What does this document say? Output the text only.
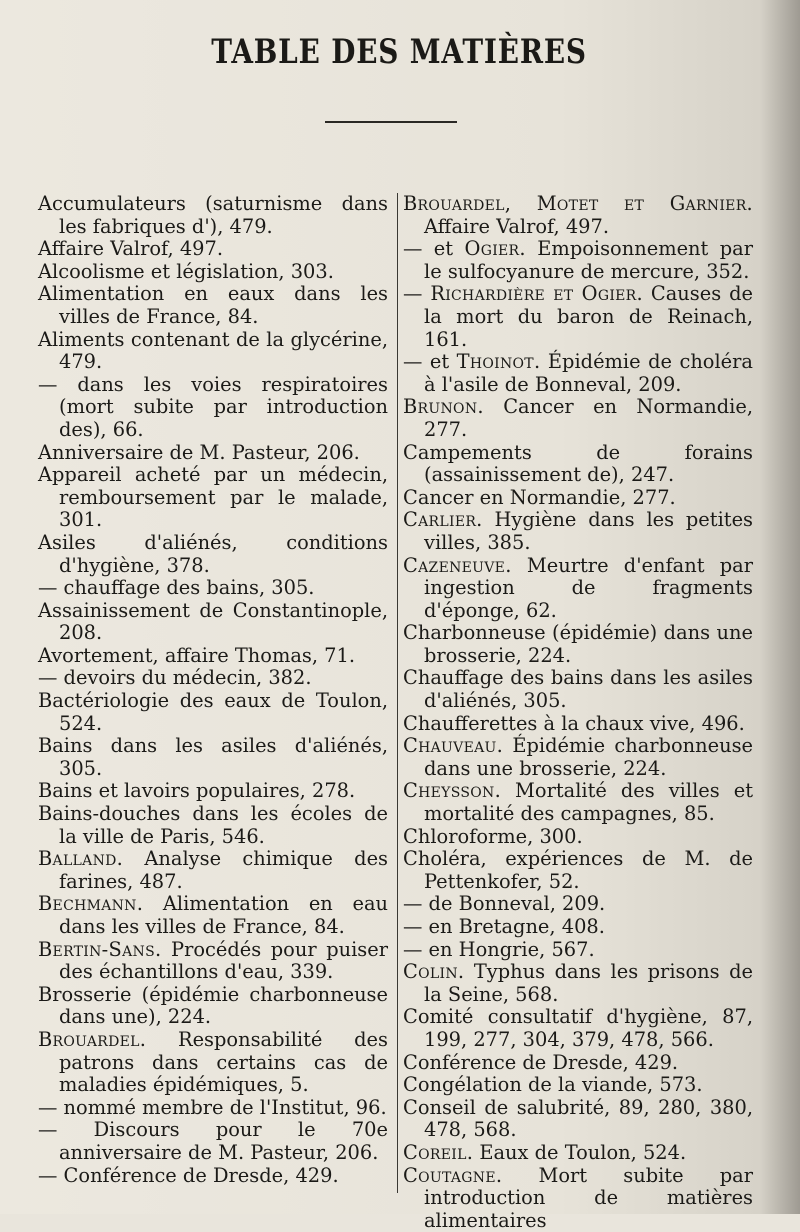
TABLE DES MATIÈRES

Accumulateurs (saturnisme dans les fabriques d'), 479.

Affaire Valrof, 497.

Alcoolisme et législation, 303.

Alimentation en eaux dans les villes de France, 84.

Aliments contenant de la glycérine, 479.

— dans les voies respiratoires (mort subite par introduction des), 66.

Anniversaire de M. Pasteur, 206.

Appareil acheté par un médecin, remboursement par le malade, 301.

Asiles d'aliénés, conditions d'hygiène, 378.

— chauffage des bains, 305.

Assainissement de Constantinople, 208.

Avortement, affaire Thomas, 71.

— devoirs du médecin, 382.

Bactériologie des eaux de Toulon, 524.

Bains dans les asiles d'aliénés, 305.

Bains et lavoirs populaires, 278.

Bains-douches dans les écoles de la ville de Paris, 546.

Balland. Analyse chimique des farines, 487.

Bechmann. Alimentation en eau dans les villes de France, 84.

Bertin-Sans. Procédés pour puiser des échantillons d'eau, 339.

Brosserie (épidémie charbonneuse dans une), 224.

Brouardel. Responsabilité des patrons dans certains cas de maladies épidémiques, 5.

— nommé membre de l'Institut, 96.

— Discours pour le 70e anniversaire de M. Pasteur, 206.

— Conférence de Dresde, 429.

Brouardel, Motet et Garnier. Affaire Valrof, 497.

— et Ogier. Empoisonnement par le sulfocyanure de mercure, 352.

— Richardière et Ogier. Causes de la mort du baron de Reinach, 161.

— et Thoinot. Épidémie de choléra à l'asile de Bonneval, 209.

Brunon. Cancer en Normandie, 277.

Campements de forains (assainissement de), 247.

Cancer en Normandie, 277.

Carlier. Hygiène dans les petites villes, 385.

Cazeneuve. Meurtre d'enfant par ingestion de fragments d'éponge, 62.

Charbonneuse (épidémie) dans une brosserie, 224.

Chauffage des bains dans les asiles d'aliénés, 305.

Chaufferettes à la chaux vive, 496.

Chauveau. Épidémie charbonneuse dans une brosserie, 224.

Cheysson. Mortalité des villes et mortalité des campagnes, 85.

Chloroforme, 300.

Choléra, expériences de M. de Pettenkofer, 52.

— de Bonneval, 209.

— en Bretagne, 408.

— en Hongrie, 567.

Colin. Typhus dans les prisons de la Seine, 568.

Comité consultatif d'hygiène, 87, 199, 277, 304, 379, 478, 566.

Conférence de Dresde, 429.

Congélation de la viande, 573.

Conseil de salubrité, 89, 280, 380, 478, 568.

Coreil. Eaux de Toulon, 524.

Coutagne. Mort subite par introduction de matières alimentaires
